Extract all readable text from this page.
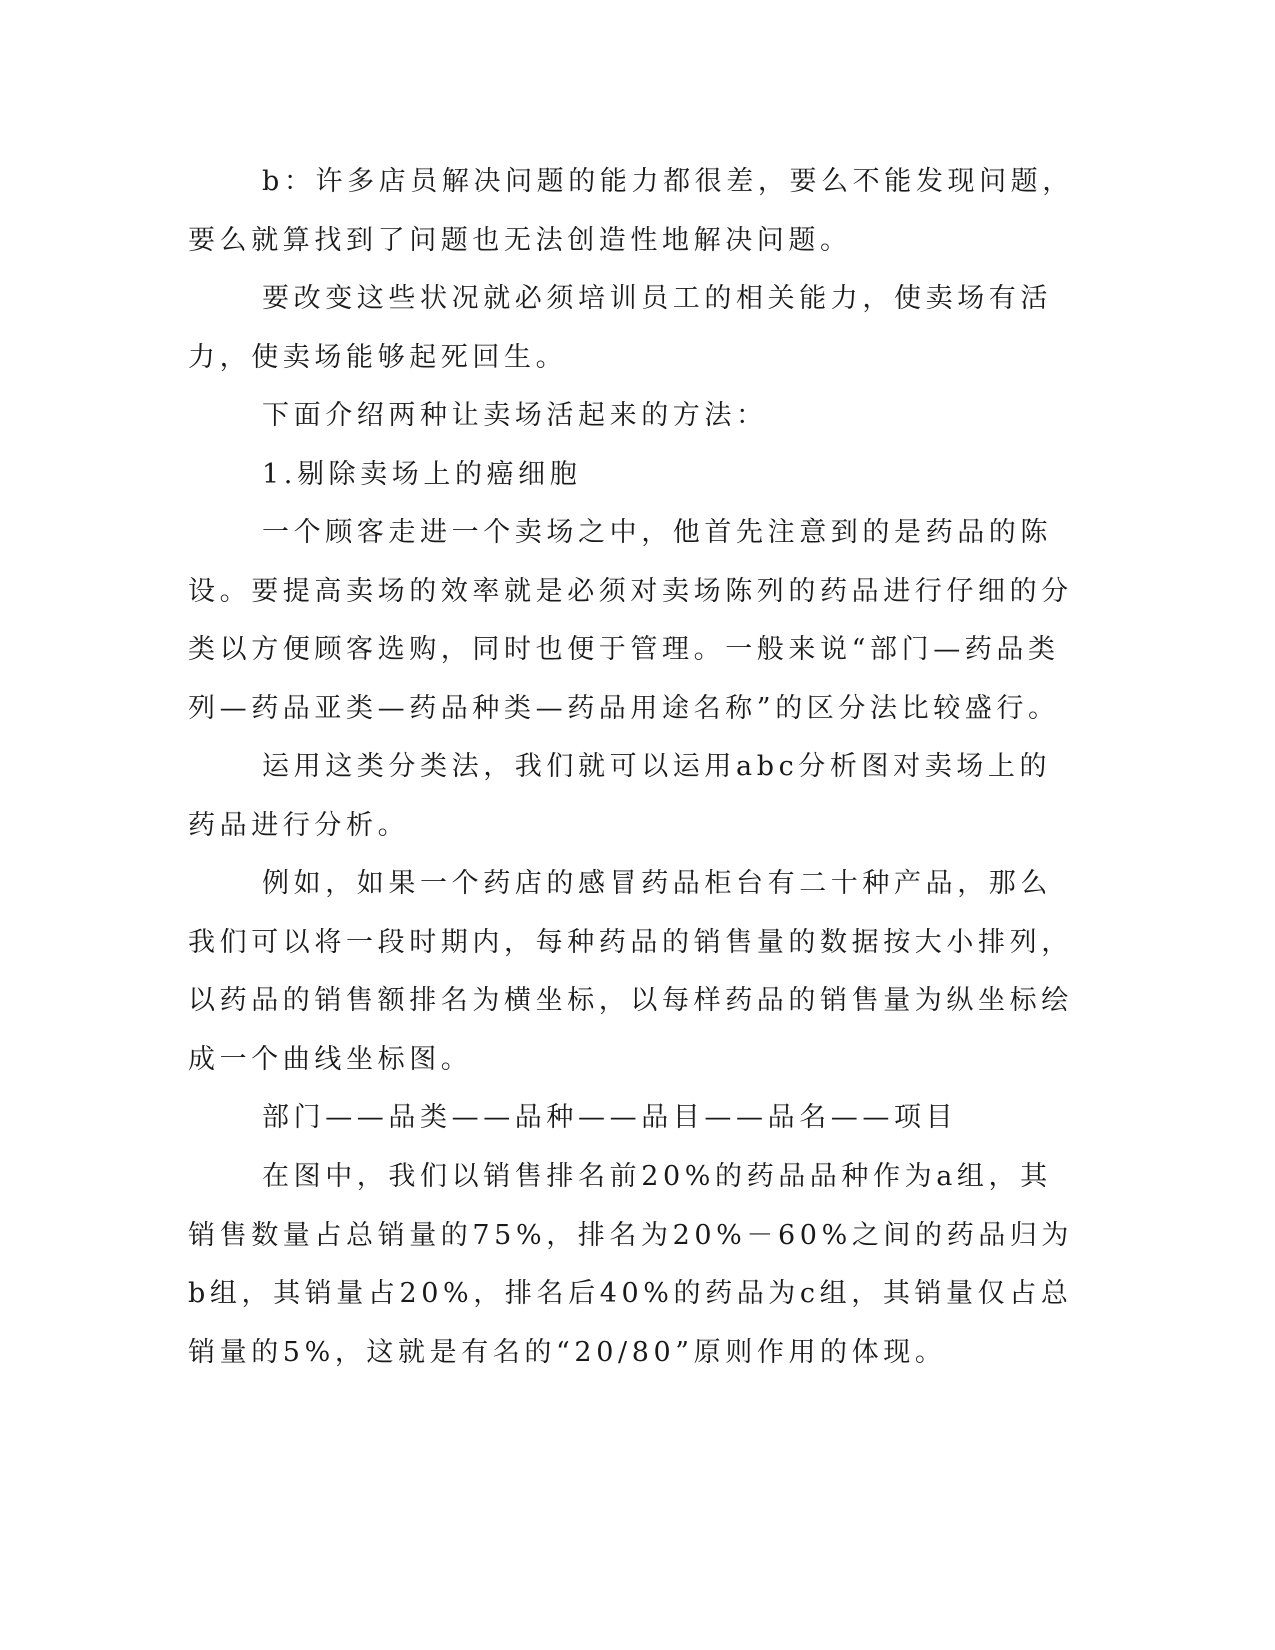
b：许多店员解决问题的能力都很差，要么不能发现问题，要么就算找到了问题也无法创造性地解决问题。

要改变这些状况就必须培训员工的相关能力，使卖场有活力，使卖场能够起死回生。

下面介绍两种让卖场活起来的方法：

1.剔除卖场上的癌细胞

一个顾客走进一个卖场之中，他首先注意到的是药品的陈设。要提高卖场的效率就是必须对卖场陈列的药品进行仔细的分类以方便顾客选购，同时也便于管理。一般来说“部门—药品类列—药品亚类—药品种类—药品用途名称”的区分法比较盛行。

运用这类分类法，我们就可以运用abc分析图对卖场上的药品进行分析。

例如，如果一个药店的感冒药品柜台有二十种产品，那么我们可以将一段时期内，每种药品的销售量的数据按大小排列，以药品的销售额排名为横坐标，以每样药品的销售量为纵坐标绘成一个曲线坐标图。

部门——品类——品种——品目——品名——项目

在图中，我们以销售排名前20%的药品品种作为a组，其销售数量占总销量的75%，排名为20%－60%之间的药品归为b组，其销量占20%，排名后40%的药品为c组，其销量仅占总销量的5%，这就是有名的“20/80”原则作用的体现。
